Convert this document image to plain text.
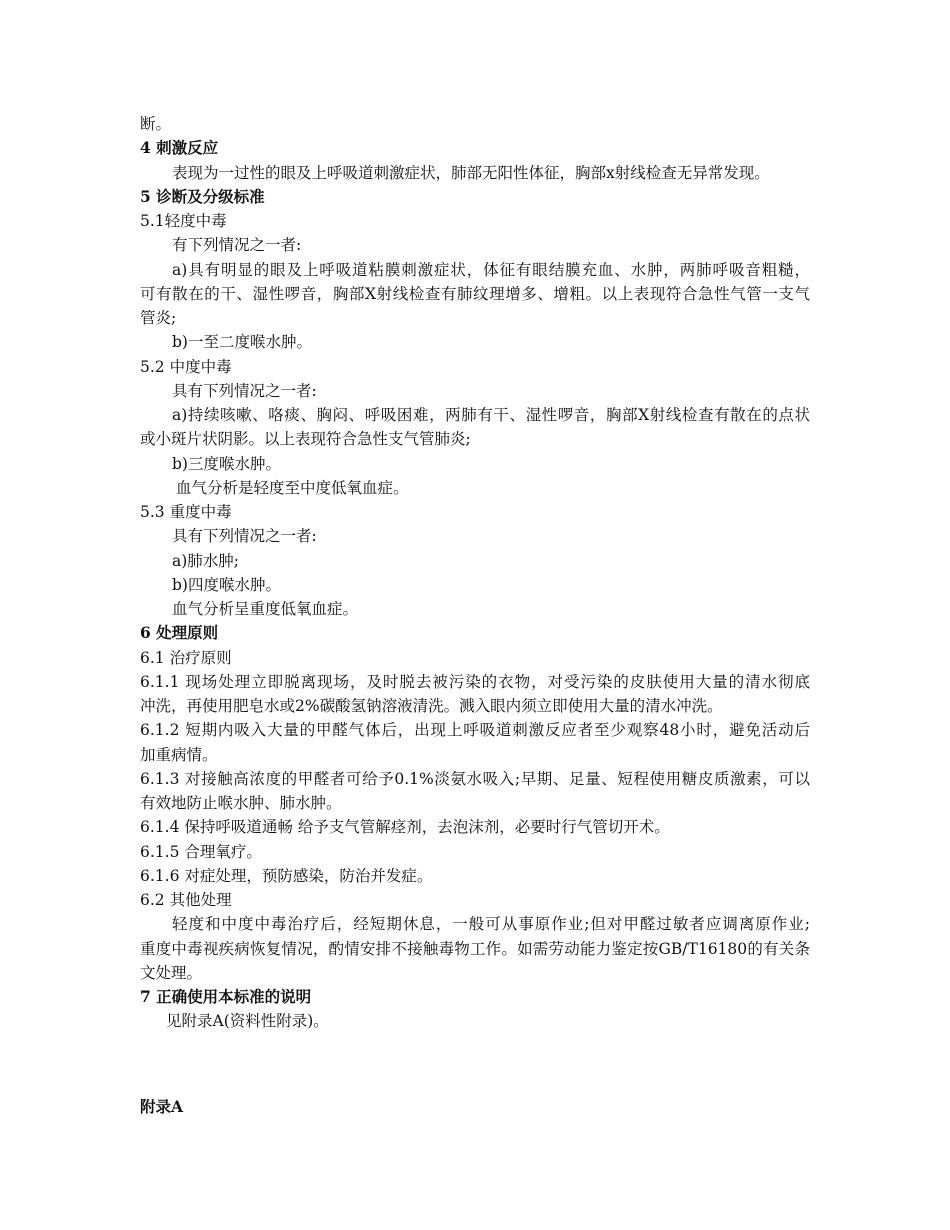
断。
4 刺激反应
表现为一过性的眼及上呼吸道刺激症状，肺部无阳性体征，胸部x射线检查无异常发现。
5 诊断及分级标准
5.1轻度中毒
有下列情况之一者:
a)具有明显的眼及上呼吸道粘膜刺激症状，体征有眼结膜充血、水肿，两肺呼吸音粗糙，
可有散在的干、湿性啰音，胸部X射线检查有肺纹理增多、增粗。以上表现符合急性气管一支气
管炎;
b)一至二度喉水肿。
5.2 中度中毒
具有下列情况之一者:
a)持续咳嗽、咯痰、胸闷、呼吸困难，两肺有干、湿性啰音，胸部X射线检查有散在的点状
或小斑片状阴影。以上表现符合急性支气管肺炎;
b)三度喉水肿。
血气分析是轻度至中度低氧血症。
5.3 重度中毒
具有下列情况之一者:
a)肺水肿;
b)四度喉水肿。
血气分析呈重度低氧血症。
6 处理原则
6.1 治疗原则
6.1.1 现场处理立即脱离现场，及时脱去被污染的衣物，对受污染的皮肤使用大量的清水彻底
冲洗，再使用肥皂水或2%碳酸氢钠溶液清洗。溅入眼内须立即使用大量的清水冲洗。
6.1.2 短期内吸入大量的甲醛气体后，出现上呼吸道刺激反应者至少观察48小时，避免活动后
加重病情。
6.1.3 对接触高浓度的甲醛者可给予0.1%淡氨水吸入;早期、足量、短程使用糖皮质激素，可以
有效地防止喉水肿、肺水肿。
6.1.4 保持呼吸道通畅 给予支气管解痉剂，去泡沫剂，必要时行气管切开术。
6.1.5 合理氧疗。
6.1.6 对症处理，预防感染，防治并发症。
6.2 其他处理
轻度和中度中毒治疗后，经短期休息，一般可从事原作业;但对甲醛过敏者应调离原作业;
重度中毒视疾病恢复情况，酌情安排不接触毒物工作。如需劳动能力鉴定按GB/T16180的有关条
文处理。
7 正确使用本标准的说明
见附录A(资料性附录)。
附录A
